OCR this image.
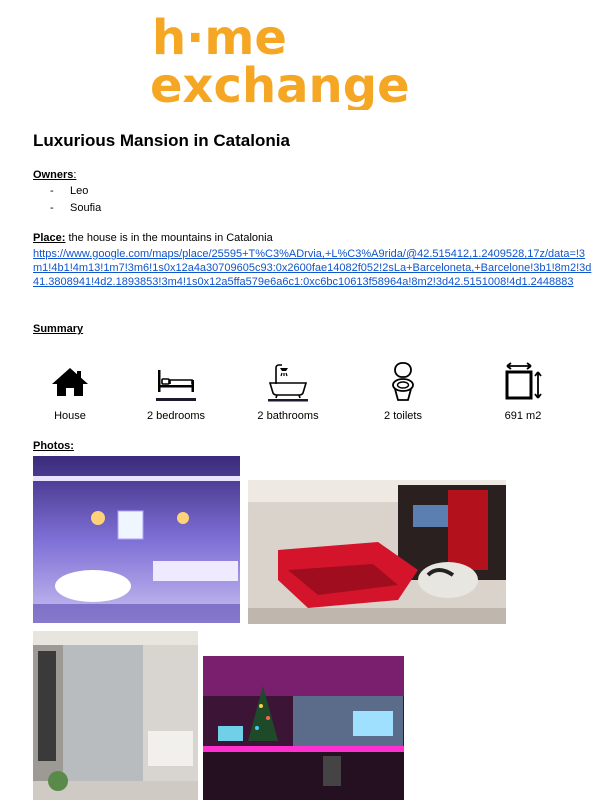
h·me
exchange
Luxurious Mansion in Catalonia
Owners:
- Leo
- Soufia
Place: the house is in the mountains in Catalonia
https://www.google.com/maps/place/25595+T%C3%ADrvia,+L%C3%A9rida/@42.515412,1.2409528,17z/data=!3m1!4b1!4m13!1m7!3m6!1s0x12a4a30709605c93:0x2600fae14082f052!2sLa+Barceloneta,+Barcelone!3b1!8m2!3d41.3808941!4d2.1893853!3m4!1s0x12a5ffa579e6a6c1:0xc6bc10613f58964a!8m2!3d42.5151008!4d1.2448883
Summary
House	2 bedrooms	2 bathrooms	2 toilets	691 m2
Photos:
